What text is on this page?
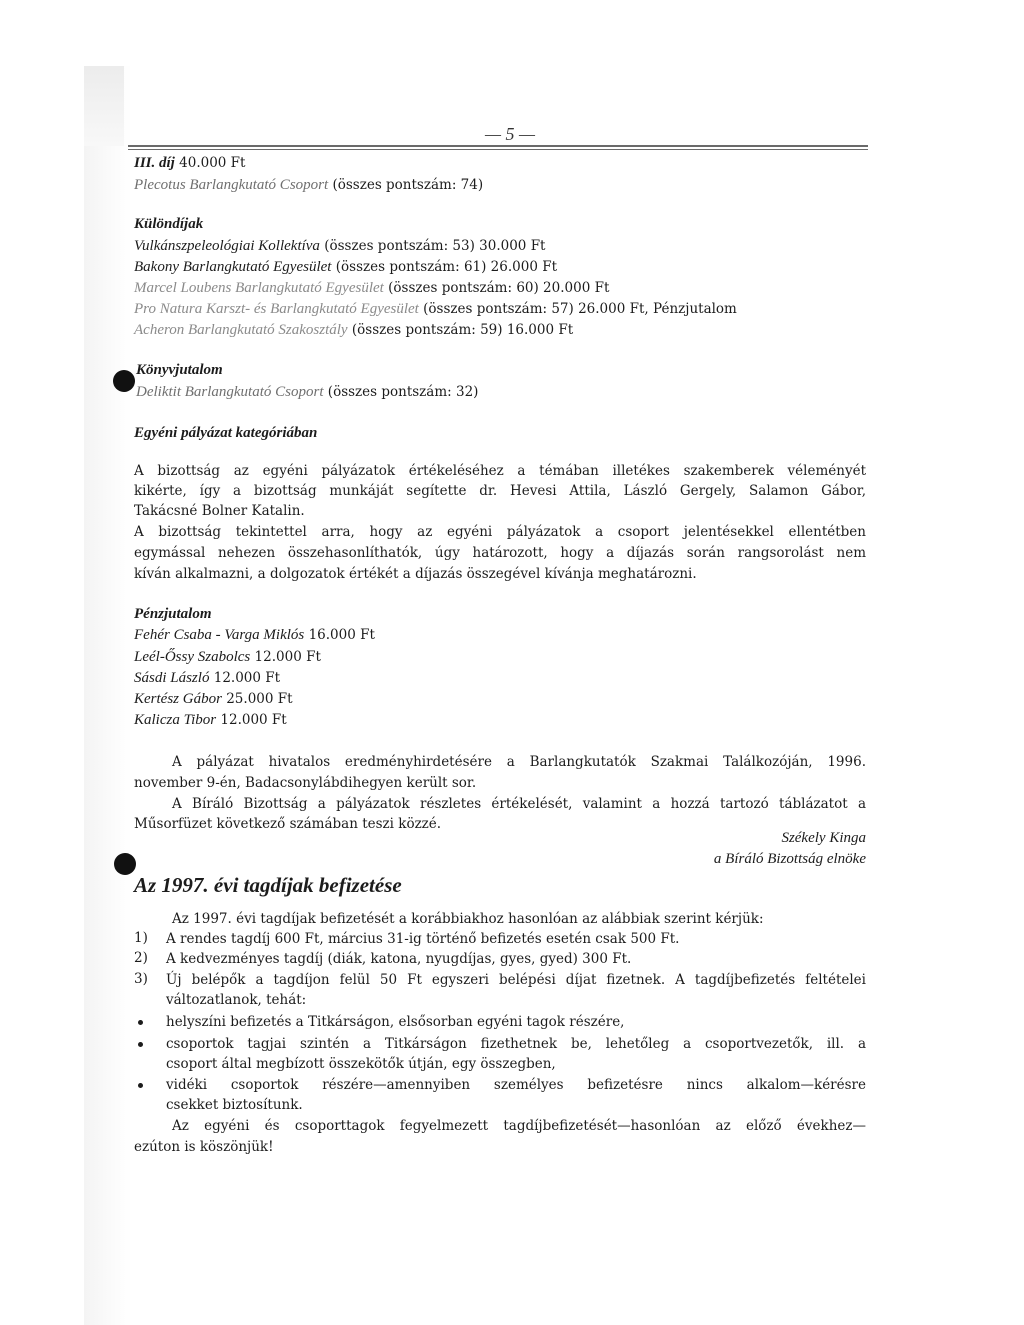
— 5 —
III. díj 40.000 Ft
Plecotus Barlangkutató Csoport (összes pontszám: 74)
Különdíjak
Vulkánszpeleológiai Kollektíva (összes pontszám: 53) 30.000 Ft
Bakony Barlangkutató Egyesület (összes pontszám: 61) 26.000 Ft
Marcel Loubens Barlangkutató Egyesület (összes pontszám: 60) 20.000 Ft
Pro Natura Karszt- és Barlangkutató Egyesület (összes pontszám: 57) 26.000 Ft, Pénzjutalom
Acheron Barlangkutató Szakosztály (összes pontszám: 59) 16.000 Ft
Könyvjutalom
Deliktit Barlangkutató Csoport (összes pontszám: 32)
Egyéni pályázat kategóriában
A bizottság az egyéni pályázatok értékeléséhez a témában illetékes szakemberek véleményét
kikérte, így a bizottság munkáját segítette dr. Hevesi Attila, László Gergely, Salamon Gábor,
Takácsné Bolner Katalin.
A bizottság tekintettel arra, hogy az egyéni pályázatok a csoport jelentésekkel ellentétben
egymással nehezen összehasonlíthatók, úgy határozott, hogy a díjazás során rangsorolást nem
kíván alkalmazni, a dolgozatok értékét a díjazás összegével kívánja meghatározni.
Pénzjutalom
Fehér Csaba - Varga Miklós 16.000 Ft
Leél-Őssy Szabolcs 12.000 Ft
Sásdi László 12.000 Ft
Kertész Gábor 25.000 Ft
Kalicza Tibor 12.000 Ft
A pályázat hivatalos eredményhirdetésére a Barlangkutatók Szakmai Találkozóján, 1996.
november 9-én, Badacsonylábdihegyen került sor.
A Bíráló Bizottság a pályázatok részletes értékelését, valamint a hozzá tartozó táblázatot a
Műsorfüzet következő számában teszi közzé.
Székely Kinga
a Bíráló Bizottság elnöke
Az 1997. évi tagdíjak befizetése
Az 1997. évi tagdíjak befizetését a korábbiakhoz hasonlóan az alábbiak szerint kérjük:
1) A rendes tagdíj 600 Ft, március 31-ig történő befizetés esetén csak 500 Ft.
2) A kedvezményes tagdíj (diák, katona, nyugdíjas, gyes, gyed) 300 Ft.
3) Új belépők a tagdíjon felül 50 Ft egyszeri belépési díjat fizetnek. A tagdíjbefizetés feltételei
változatlanok, tehát:
helyszíni befizetés a Titkárságon, elsősorban egyéni tagok részére,
csoportok tagjai szintén a Titkárságon fizethetnek be, lehetőleg a csoportvezetők, ill. a
csoport által megbízott összekötők útján, egy összegben,
vidéki csoportok részére—amennyiben személyes befizetésre nincs alkalom—kérésre
csekket biztosítunk.
Az egyéni és csoporttagok fegyelmezett tagdíjbefizetését—hasonlóan az előző évekhez—
ezúton is köszönjük!
